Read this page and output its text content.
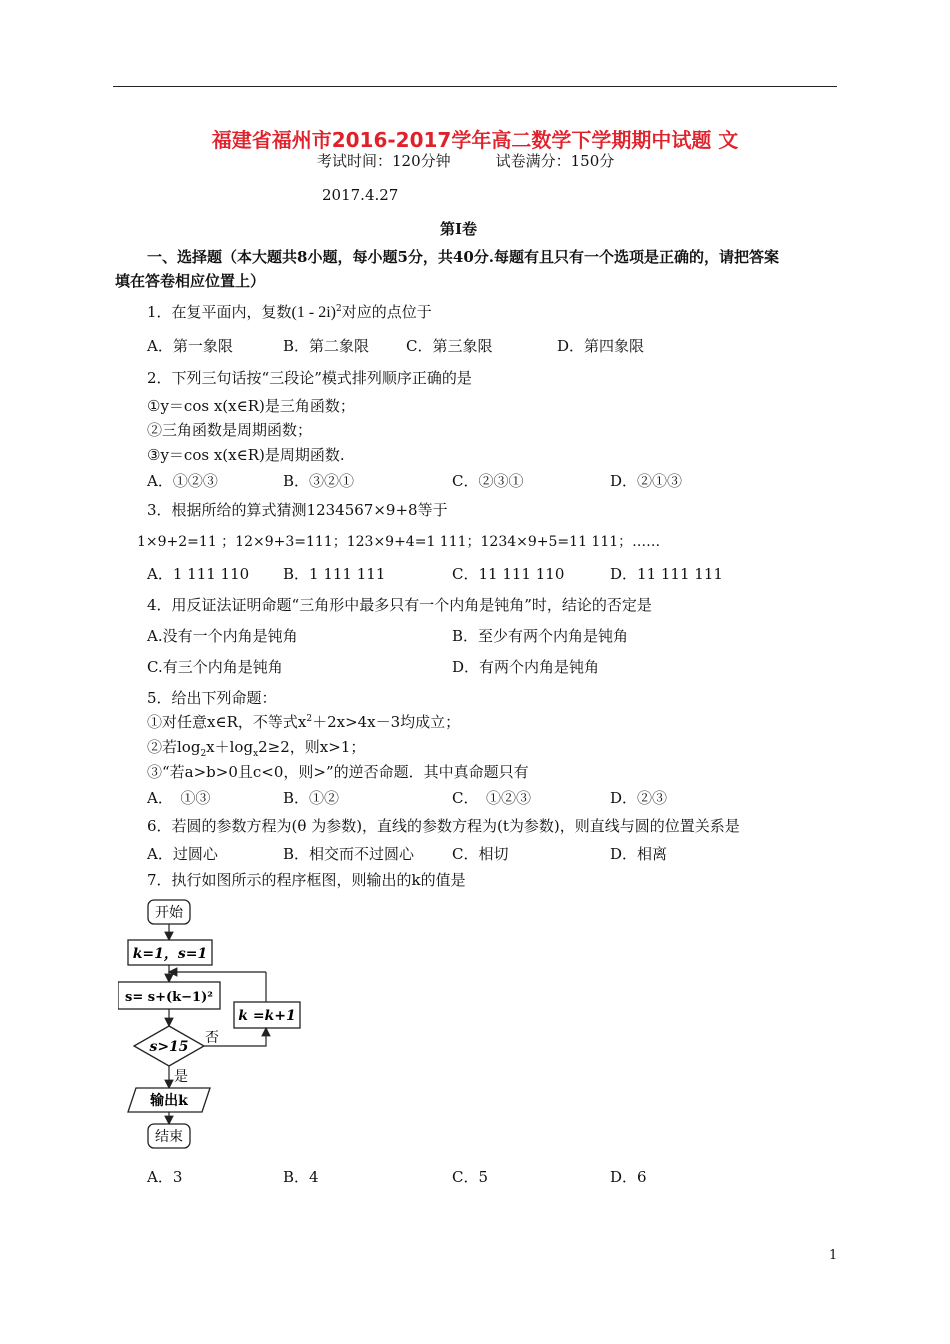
福建省福州市2016-2017学年高二数学下学期期中试题 文
考试时间：120分钟　　　试卷满分：150分
2017.4.27
第Ⅰ卷
一、选择题（本大题共8小题，每小题5分，共40分.每题有且只有一个选项是正确的，请把答案
填在答卷相应位置上）
1．在复平面内，复数(1 - 2i)$^2$对应的点位于
A．第一象限	B．第二象限 C．第三象限	D．第四象限
2．下列三句话按“三段论”模式排列顺序正确的是
①y＝cos x(x∈R)是三角函数；
②三角函数是周期函数；
③y＝cos x(x∈R)是周期函数.
A．①②③	B．③②①	C．②③①	D．②①③
3．根据所给的算式猜测1234567×9+8等于
1×9+2=11 ；12×9+3=111；123×9+4=1 111；1234×9+5=11 111；……
A．1 111 110 B．1 111 111	C．11 111 110	D．11 111 111
4．用反证法证明命题“三角形中最多只有一个内角是钝角”时，结论的否定是
A.没有一个内角是钝角	B．至少有两个内角是钝角
C.有三个内角是钝角	D．有两个内角是钝角
5．给出下列命题：
①对任意x∈R，不等式$x^2+2x>4x-3$均成立；
②若$\log_2x+\log_x2\ge 2$，则x>1；
③“若a>b>0且c<0，则>”的逆否命题．其中真命题只有
A．　①③	B．①②	C．　①②③	D．②③
6．若圆的参数方程为(θ 为参数)，直线的参数方程为(t为参数)，则直线与圆的位置关系是
A．过圆心	B．相交而不过圆心	C．相切	D．相离
7．执行如图所示的程序框图，则输出的k的值是
开始
k=1，s=1
s= s+(k−1)²
k =k+1
s>15
否
是
输出k
结束
A．3	B．4	C．5	D．6
1
